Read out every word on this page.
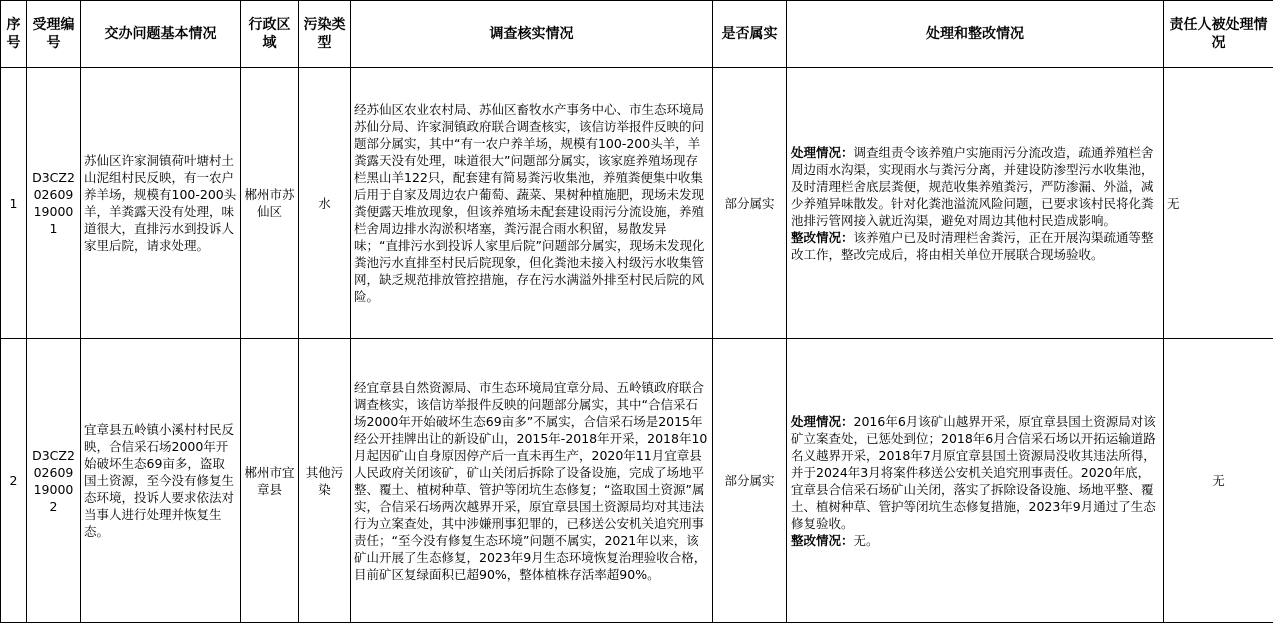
序号	受理编号	交办问题基本情况	行政区域	污染类型	调查核实情况	是否属实	处理和整改情况	责任人被处理情况
1	D3CZ202609190001	苏仙区许家洞镇荷叶塘村土山泥组村民反映，有一农户养羊场，规模有100-200头羊，羊粪露天没有处理，味道很大，直排污水到投诉人家里后院，请求处理。	郴州市苏仙区	水	经苏仙区农业农村局、苏仙区畜牧水产事务中心、市生态环境局苏仙分局、许家洞镇政府联合调查核实，该信访举报件反映的问题部分属实，其中“有一农户养羊场，规模有100-200头羊，羊粪露天没有处理，味道很大”问题部分属实，该家庭养殖场现存栏黑山羊122只，配套建有简易粪污收集池，养殖粪便集中收集后用于自家及周边农户葡萄、蔬菜、果树种植施肥，现场未发现粪便露天堆放现象，但该养殖场未配套建设雨污分流设施，养殖栏舍周边排水沟淤积堵塞，粪污混合雨水积留，易散发异味；“直排污水到投诉人家里后院”问题部分属实，现场未发现化粪池污水直排至村民后院现象，但化粪池未接入村级污水收集管网，缺乏规范排放管控措施，存在污水满溢外排至村民后院的风险。	部分属实	处理情况：调查组责令该养殖户实施雨污分流改造，疏通养殖栏舍周边雨水沟渠，实现雨水与粪污分离，并建设防渗型污水收集池，及时清理栏舍底层粪便，规范收集养殖粪污，严防渗漏、外溢，减少养殖异味散发。针对化粪池溢流风险问题，已要求该村民将化粪池排污管网接入就近沟渠，避免对周边其他村民造成影响。
整改情况：该养殖户已及时清理栏舍粪污，正在开展沟渠疏通等整改工作，整改完成后，将由相关单位开展联合现场验收。	无
2	D3CZ202609190002	宜章县五岭镇小溪村村民反映，合信采石场2000年开始破坏生态69亩多，盗取国土资源，至今没有修复生态环境，投诉人要求依法对当事人进行处理并恢复生态。	郴州市宜章县	其他污染	经宜章县自然资源局、市生态环境局宜章分局、五岭镇政府联合调查核实，该信访举报件反映的问题部分属实，其中“合信采石场2000年开始破坏生态69亩多”不属实，合信采石场是2015年经公开挂牌出让的新设矿山，2015年-2018年开采，2018年10月起因矿山自身原因停产后一直未再生产，2020年11月宜章县人民政府关闭该矿，矿山关闭后拆除了设备设施，完成了场地平整、覆土、植树种草、管护等闭坑生态修复；“盗取国土资源”属实，合信采石场两次越界开采，原宜章县国土资源局均对其违法行为立案查处，其中涉嫌刑事犯罪的，已移送公安机关追究刑事责任；“至今没有修复生态环境”问题不属实，2021年以来，该矿山开展了生态修复，2023年9月生态环境恢复治理验收合格，目前矿区复绿面积已超90%，整体植株存活率超90%。	部分属实	处理情况：2016年6月该矿山越界开采，原宜章县国土资源局对该矿立案查处，已惩处到位；2018年6月合信采石场以开拓运输道路名义越界开采，2018年7月原宜章县国土资源局没收其违法所得，并于2024年3月将案件移送公安机关追究刑事责任。2020年底，宜章县合信采石场矿山关闭，落实了拆除设备设施、场地平整、覆土、植树种草、管护等闭坑生态修复措施，2023年9月通过了生态修复验收。
整改情况：无。	无
